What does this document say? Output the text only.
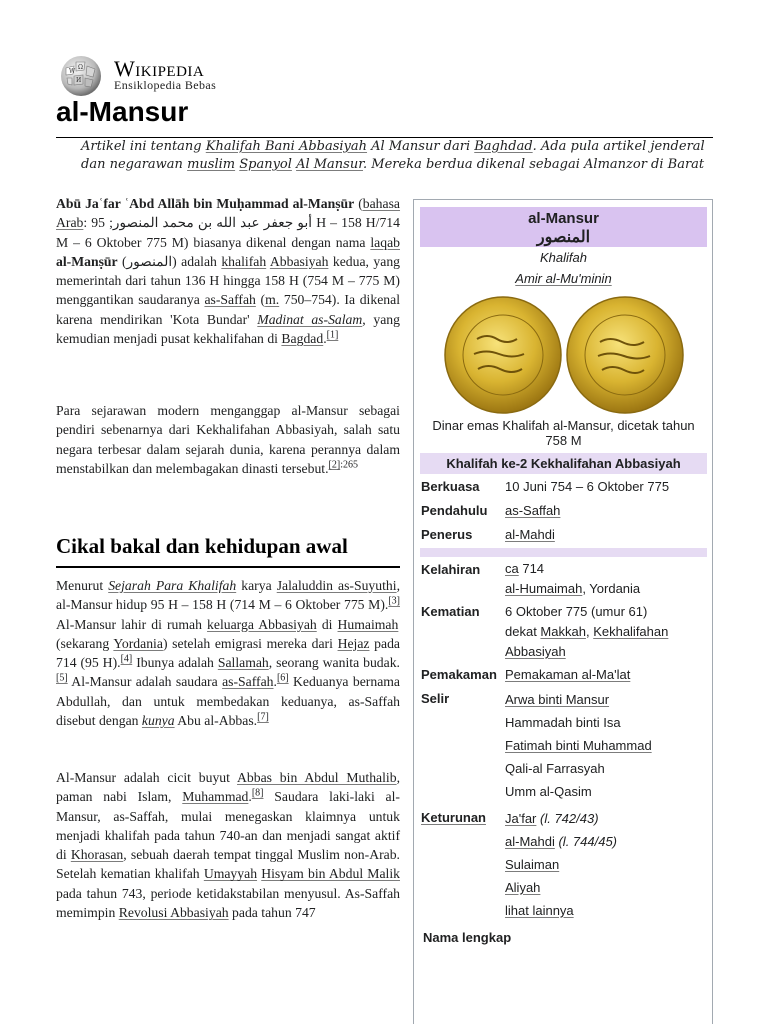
W
Ω
И Wikipedia
Ensiklopedia Bebas
al-Mansur
Artikel ini tentang Khalifah Bani Abbasiyah Al Mansur dari Baghdad. Ada pula artikel jenderal dan negarawan muslim Spanyol Al Mansur. Mereka berdua dikenal sebagai Almanzor di Barat

Abū Jaʿfar ʿAbd Allāh bin Muḥammad al-Manṣūr (bahasa Arab: أبو جعفر عبد الله بن محمد المنصور; 95 H – 158 H/714 M – 6 Oktober 775 M) biasanya dikenal dengan nama laqab al-Manṣūr (المنصور) adalah khalifah Abbasiyah kedua, yang memerintah dari tahun 136 H hingga 158 H (754 M – 775 M) menggantikan saudaranya as-Saffah (m. 750–754). Ia dikenal karena mendirikan 'Kota Bundar' Madinat as-Salam, yang kemudian menjadi pusat kekhalifahan di Bagdad.[1]

Para sejarawan modern menganggap al-Mansur sebagai pendiri sebenarnya dari Kekhalifahan Abbasiyah, salah satu negara terbesar dalam sejarah dunia, karena perannya dalam menstabilkan dan melembagakan dinasti tersebut.$^{[2]:265}$

Menurut Sejarah Para Khalifah karya Jalaluddin as-Suyuthi, al-Mansur hidup 95 H – 158 H (714 M – 6 Oktober 775 M).[3] Al-Mansur lahir di rumah keluarga Abbasiyah di Humaimah (sekarang Yordania) setelah emigrasi mereka dari Hejaz pada 714 (95 H).[4] Ibunya adalah Sallamah, seorang wanita budak.[5] Al-Mansur adalah saudara as-Saffah.[6] Keduanya bernama Abdullah, dan untuk membedakan keduanya, as-Saffah disebut dengan kunya Abu al-Abbas.[7]

Al-Mansur adalah cicit buyut Abbas bin Abdul Muthalib, paman nabi Islam, Muhammad.[8] Saudara laki-laki al-Mansur, as-Saffah, mulai menegaskan klaimnya untuk menjadi khalifah pada tahun 740-an dan menjadi sangat aktif di Khorasan, sebuah daerah tempat tinggal Muslim non-Arab. Setelah kematian khalifah Umayyah Hisyam bin Abdul Malik pada tahun 743, periode ketidakstabilan menyusul. As-Saffah memimpin Revolusi Abbasiyah pada tahun 747

Cikal bakal dan kehidupan awal
al-Mansur
المنصور
Khalifah
Amir al-Mu'minin
Dinar emas Khalifah al-Mansur, dicetak tahun 758 M
Khalifah ke-2 Kekhalifahan Abbasiyah
Berkuasa 10 Juni 754 – 6 Oktober 775
Pendahulu as-Saffah
Penerus	al-Mahdi
Kelahiran ca 714
al-Humaimah, Yordania
Kematian 6 Oktober 775 (umur 61)
dekat Makkah, Kekhalifahan
Abbasiyah
Pemakaman Pemakaman al-Ma'lat
Selir	Arwa binti Mansur
Hammadah binti Isa
Fatimah binti Muhammad
Qali-al Farrasyah
Umm al-Qasim
Keturunan Ja'far (l. 742/43)
al-Mahdi (l. 744/45)
Sulaiman
Aliyah
lihat lainnya
Nama lengkap
